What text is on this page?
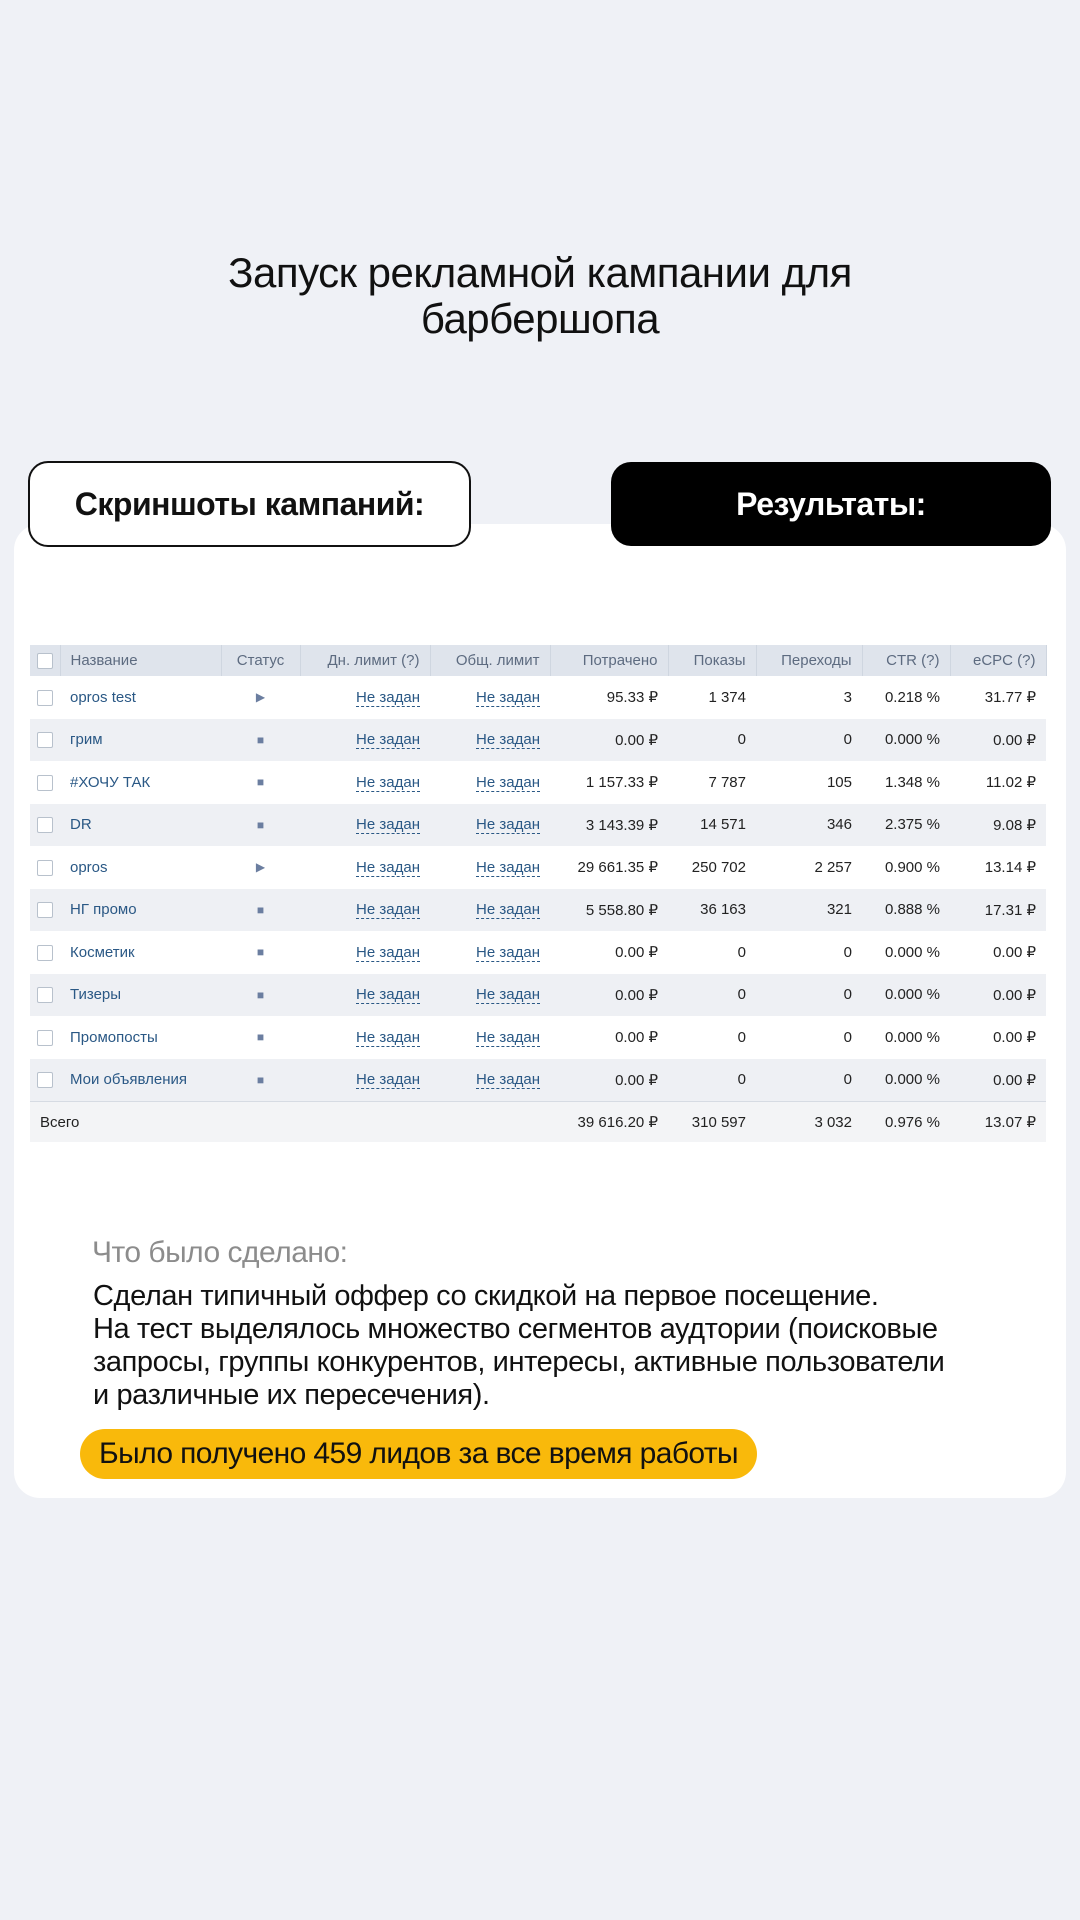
Запуск рекламной кампании для
барбершопа
Скриншоты кампаний:	Результаты:
	Название	Статус	Дн. лимит (?)	Общ. лимит	Потрачено	Показы	Переходы	CTR (?)	eCPC (?)
	opros test	▶	Не задан	Не задан	95.33 ₽	1 374	3	0.218 %	31.77 ₽
	грим	■	Не задан	Не задан	0.00 ₽	0	0	0.000 %	0.00 ₽
	#ХОЧУ ТАК	■	Не задан	Не задан	1 157.33 ₽	7 787	105	1.348 %	11.02 ₽
	DR	■	Не задан	Не задан	3 143.39 ₽	14 571	346	2.375 %	9.08 ₽
	opros	▶	Не задан	Не задан	29 661.35 ₽	250 702	2 257	0.900 %	13.14 ₽
	НГ промо	■	Не задан	Не задан	5 558.80 ₽	36 163	321	0.888 %	17.31 ₽
	Косметик	■	Не задан	Не задан	0.00 ₽	0	0	0.000 %	0.00 ₽
	Тизеры	■	Не задан	Не задан	0.00 ₽	0	0	0.000 %	0.00 ₽
	Промопосты	■	Не задан	Не задан	0.00 ₽	0	0	0.000 %	0.00 ₽
	Мои объявления	■	Не задан	Не задан	0.00 ₽	0	0	0.000 %	0.00 ₽
Всего					39 616.20 ₽	310 597	3 032	0.976 %	13.07 ₽
Что было сделано:
Сделан типичный оффер со скидкой на первое посещение.
На тест выделялось множество сегментов аудтории (поисковые
запросы, группы конкурентов, интересы, активные пользователи
и различные их пересечения).
Было получено 459 лидов за все время работы
